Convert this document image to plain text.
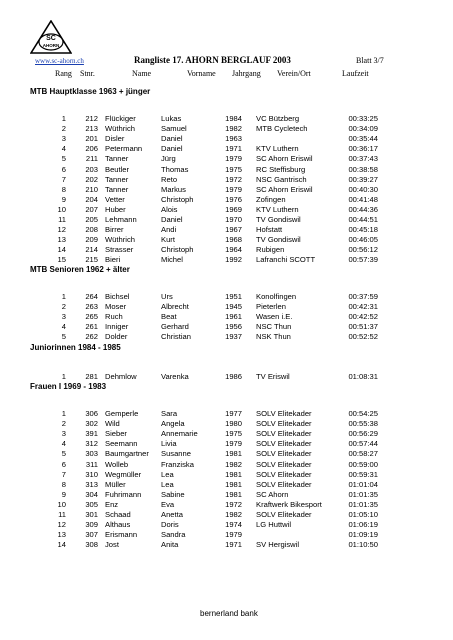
SC
AHORN
www.sc-ahorn.ch	Rangliste 17. AHORN BERGLAUF 2003	Blatt 3/7
Rang Stnr.	Name	Vorname Jahrgang Verein/Ort	Laufzeit
MTB Hauptklasse 1963 + jünger
1	212 Flückiger	Lukas	1984 VC Bützberg	00:33:25
2	213 Wüthrich	Samuel	1982 MTB Cycletech	00:34:09
3	201 Disler	Daniel	1963	00:35:44
4	206 Petermann Daniel	1971 KTV Luthern	00:36:17
5	211 Tanner	Jürg	1979 SC Ahorn Eriswil	00:37:43
6	203 Beutler	Thomas	1975 RC Steffisburg	00:38:58
7	202 Tanner	Reto	1972 NSC Gantrisch	00:39:27
8	210 Tanner	Markus	1979 SC Ahorn Eriswil	00:40:30
9	204 Vetter	Christoph	1976 Zofingen	00:41:48
10	207 Huber	Alois	1969 KTV Luthern	00:44:36
11	205 Lehmann	Daniel	1970 TV Gondiswil	00:44:51
12	208 Birrer	Andi	1967 Hofstatt	00:45:18
13	209 Wüthrich	Kurt	1968 TV Gondiswil	00:46:05
14	214 Strasser	Christoph	1964 Rubigen	00:56:12
15	215 Bieri	Michel	1992 Lafranchi SCOTT	00:57:39
MTB Senioren 1962 + älter
1	264 Bichsel	Urs	1951 Konolfingen	00:37:59
2	263 Moser	Albrecht	1945 Pieterlen	00:42:31
3	265 Ruch	Beat	1961 Wasen i.E.	00:42:52
4	261 Inniger	Gerhard	1956 NSC Thun	00:51:37
5	262 Dolder	Christian	1937 NSK Thun	00:52:52
Juniorinnen 1984 - 1985
1	281 Dehmlow	Varenka	1986 TV Eriswil	01:08:31
Frauen I 1969 - 1983
1	306 Gemperle	Sara	1977 SOLV Elitekader	00:54:25
2	302 Wild	Angela	1980 SOLV Elitekader	00:55:38
3	391 Sieber	Annemarie	1975 SOLV Elitekader	00:56:29
4	312 Seemann	Livia	1979 SOLV Elitekader	00:57:44
5	303 Baumgartner Susanne	1981 SOLV Elitekader	00:58:27
6	311 Wolleb	Franziska	1982 SOLV Elitekader	00:59:00
7	310 Wegmüller	Lea	1981 SOLV Elitekader	00:59:31
8	313 Müller	Lea	1981 SOLV Elitekader	01:01:04
9	304 Fuhrimann	Sabine	1981 SC Ahorn	01:01:35
10	305 Enz	Eva	1972 Kraftwerk Bikesport	01:01:35
11	301 Schaad	Anetta	1982 SOLV Elitekader	01:05:10
12	309 Althaus	Doris	1974 LG Huttwil	01:06:19
13	307 Erismann	Sandra	1979	01:09:19
14	308 Jost	Anita	1971 SV Hergiswil	01:10:50
bernerland bank
